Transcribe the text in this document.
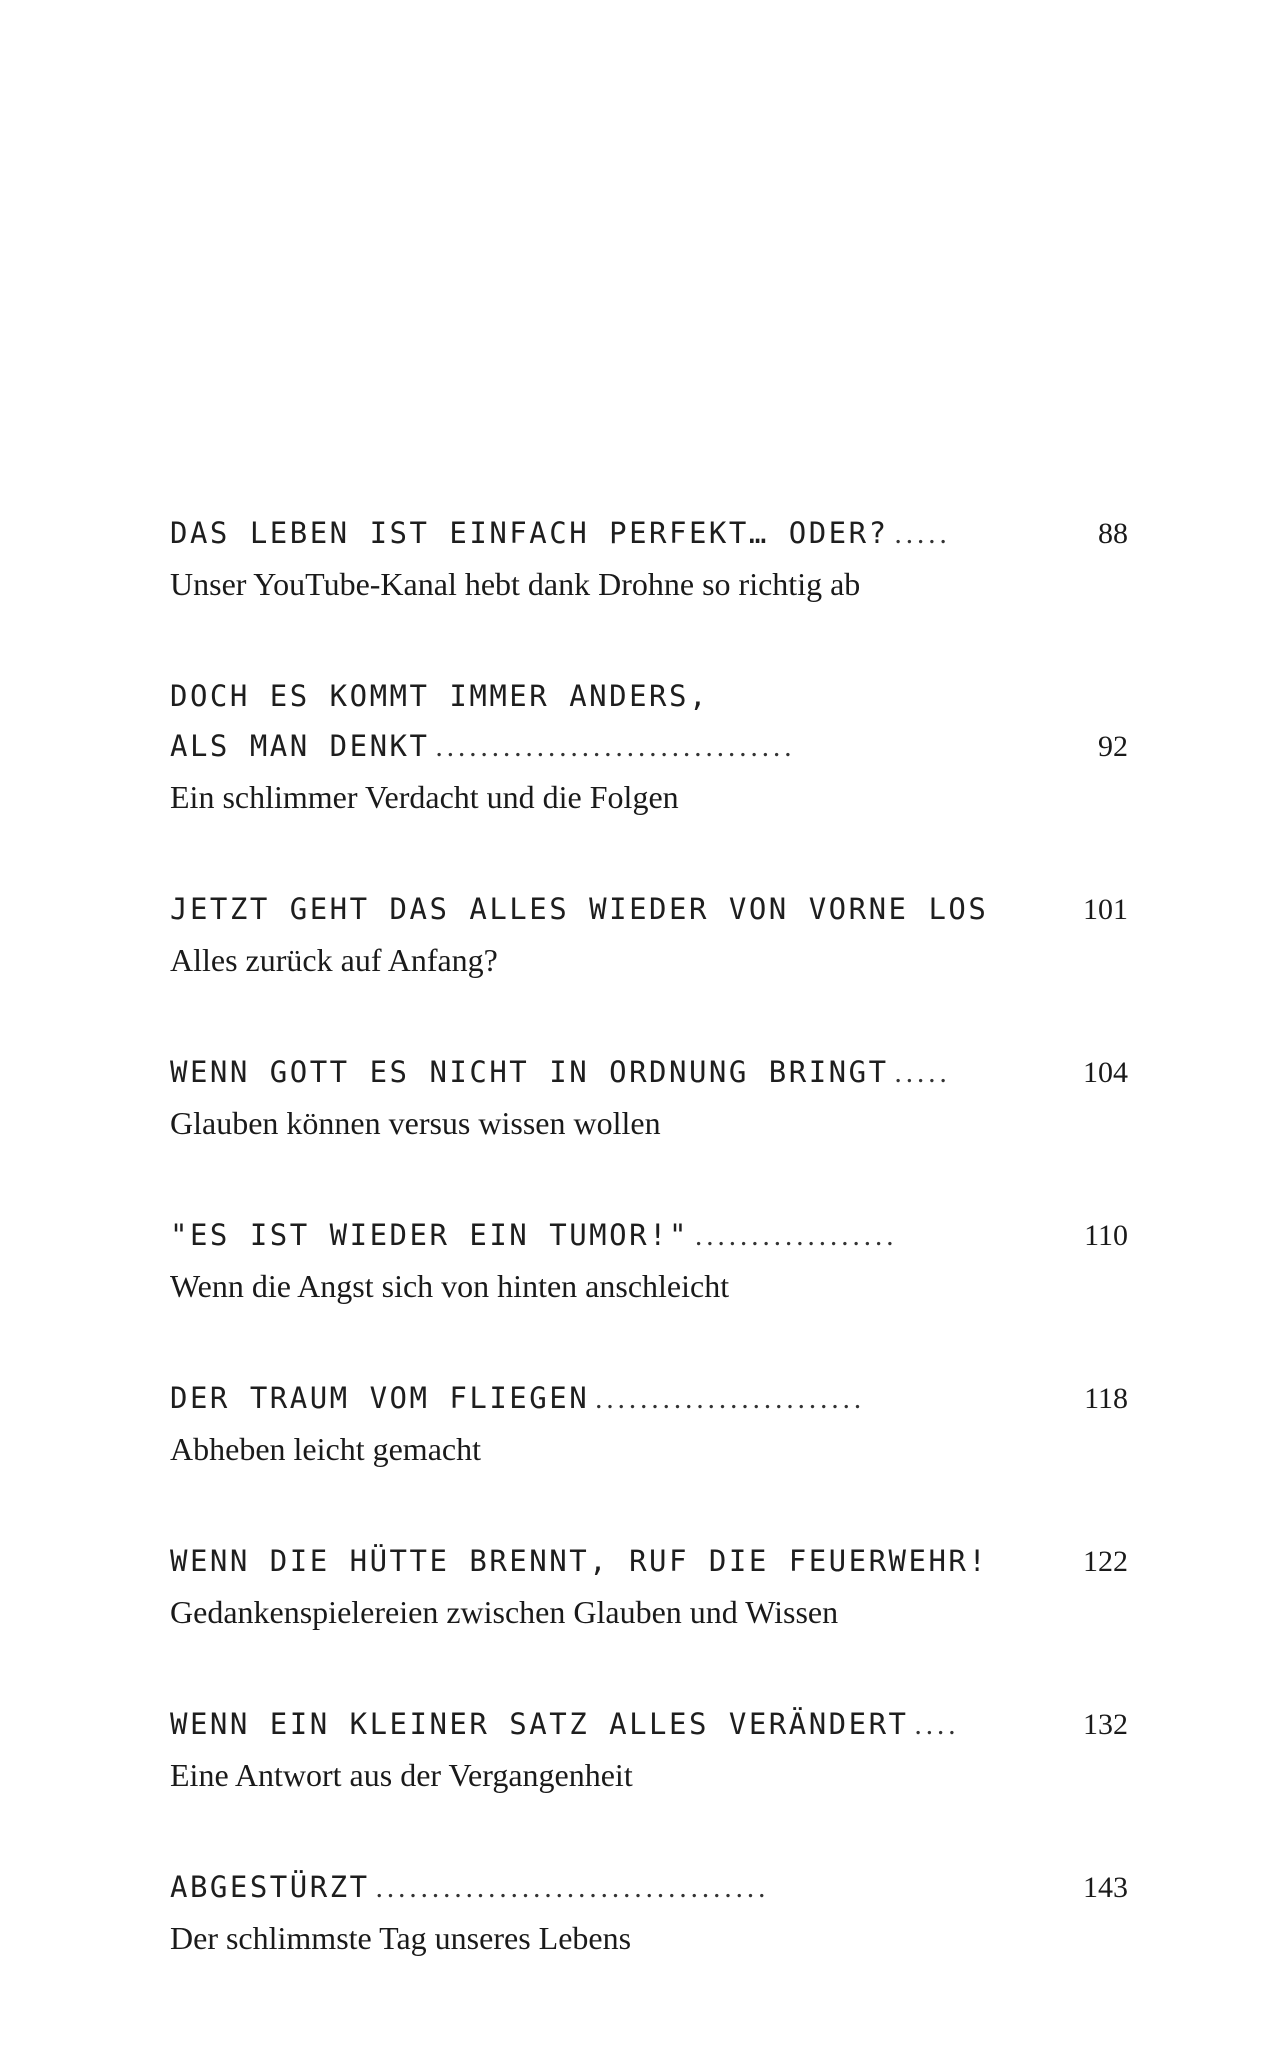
DAS LEBEN IST EINFACH PERFEKT… ODER? .....	88
Unser YouTube-Kanal hebt dank Drohne so richtig ab
DOCH ES KOMMT IMMER ANDERS,
ALS MAN DENKT ................................	92
Ein schlimmer Verdacht und die Folgen
JETZT GEHT DAS ALLES WIEDER VON VORNE LOS	101
Alles zurück auf Anfang?
WENN GOTT ES NICHT IN ORDNUNG BRINGT .....	104
Glauben können versus wissen wollen
"ES IST WIEDER EIN TUMOR!" ..................	110
Wenn die Angst sich von hinten anschleicht
DER TRAUM VOM FLIEGEN ........................	118
Abheben leicht gemacht
WENN DIE HÜTTE BRENNT, RUF DIE FEUERWEHR!	122
Gedankenspielereien zwischen Glauben und Wissen
WENN EIN KLEINER SATZ ALLES VERÄNDERT ....	132
Eine Antwort aus der Vergangenheit
ABGESTÜRZT ...................................	143
Der schlimmste Tag unseres Lebens
